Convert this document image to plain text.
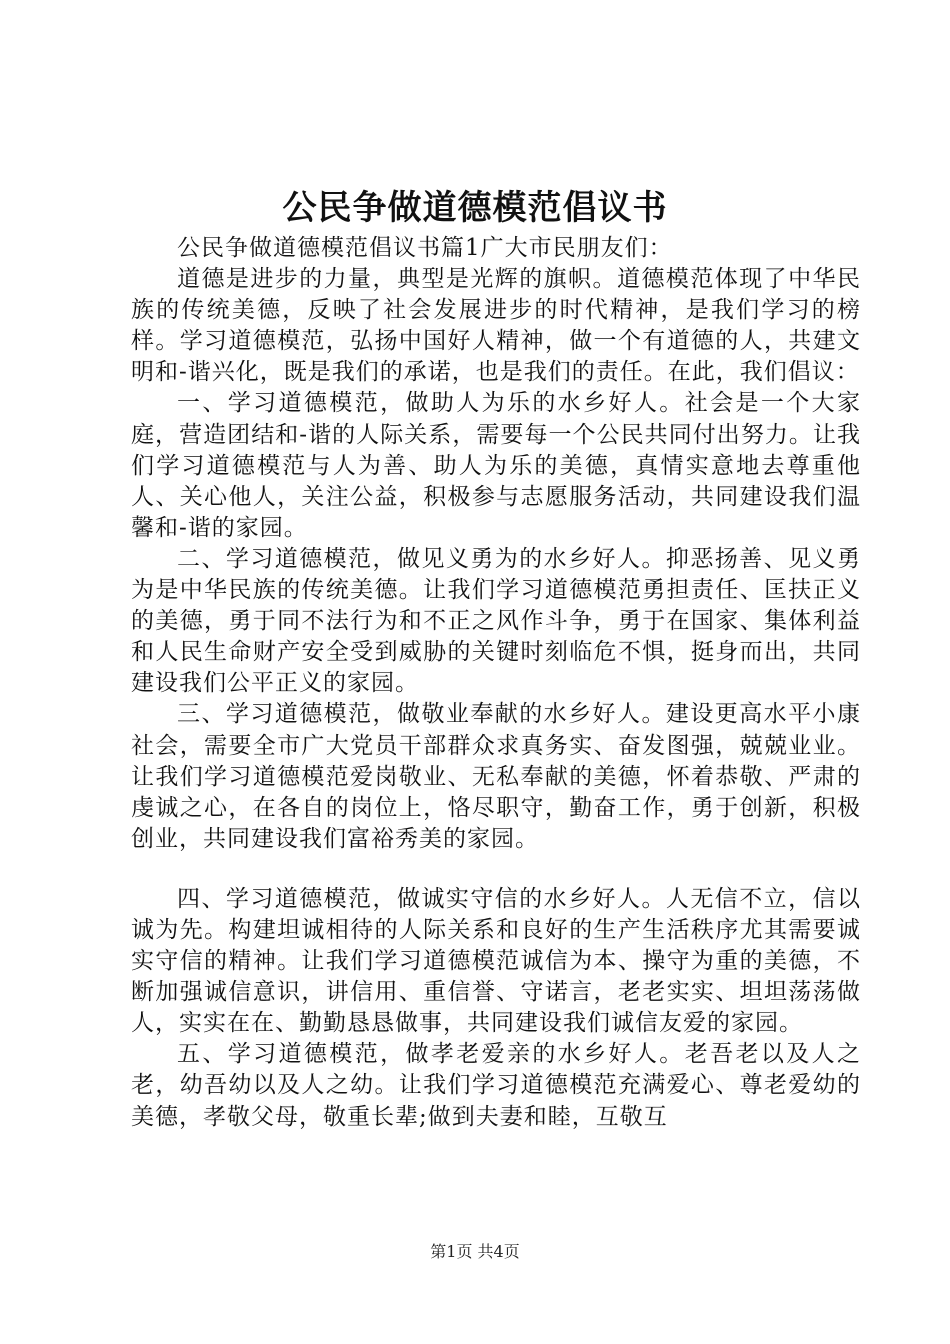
公民争做道德模范倡议书

公民争做道德模范倡议书篇1广大市民朋友们：

道德是进步的力量，典型是光辉的旗帜。道德模范体现了中华民族的传统美德，反映了社会发展进步的时代精神，是我们学习的榜样。学习道德模范，弘扬中国好人精神，做一个有道德的人，共建文明和-谐兴化，既是我们的承诺，也是我们的责任。在此，我们倡议：

一、学习道德模范，做助人为乐的水乡好人。社会是一个大家庭，营造团结和-谐的人际关系，需要每一个公民共同付出努力。让我们学习道德模范与人为善、助人为乐的美德，真情实意地去尊重他人、关心他人，关注公益，积极参与志愿服务活动，共同建设我们温馨和-谐的家园。

二、学习道德模范，做见义勇为的水乡好人。抑恶扬善、见义勇为是中华民族的传统美德。让我们学习道德模范勇担责任、匡扶正义的美德，勇于同不法行为和不正之风作斗争，勇于在国家、集体利益和人民生命财产安全受到威胁的关键时刻临危不惧，挺身而出，共同建设我们公平正义的家园。

三、学习道德模范，做敬业奉献的水乡好人。建设更高水平小康社会，需要全市广大党员干部群众求真务实、奋发图强，兢兢业业。让我们学习道德模范爱岗敬业、无私奉献的美德，怀着恭敬、严肃的虔诚之心，在各自的岗位上，恪尽职守，勤奋工作，勇于创新，积极创业，共同建设我们富裕秀美的家园。

四、学习道德模范，做诚实守信的水乡好人。人无信不立，信以诚为先。构建坦诚相待的人际关系和良好的生产生活秩序尤其需要诚实守信的精神。让我们学习道德模范诚信为本、操守为重的美德，不断加强诚信意识，讲信用、重信誉、守诺言，老老实实、坦坦荡荡做人，实实在在、勤勤恳恳做事，共同建设我们诚信友爱的家园。

五、学习道德模范，做孝老爱亲的水乡好人。老吾老以及人之老，幼吾幼以及人之幼。让我们学习道德模范充满爱心、尊老爱幼的美德，孝敬父母，敬重长辈;做到夫妻和睦，互敬互

第1页 共4页
